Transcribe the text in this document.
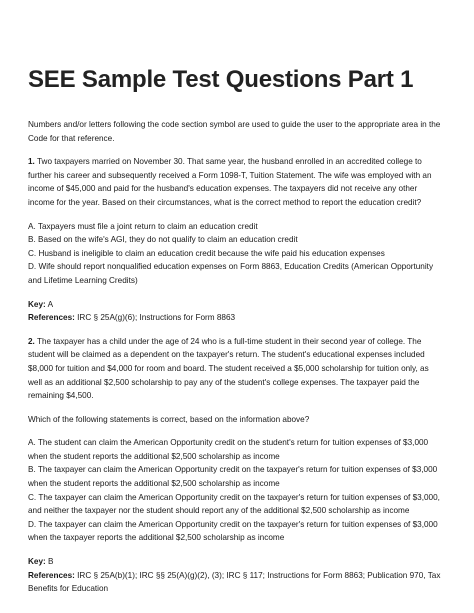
SEE Sample Test Questions Part 1

Numbers and/or letters following the code section symbol are used to guide the user to the appropriate area in the Code for that reference.

1. Two taxpayers married on November 30. That same year, the husband enrolled in an accredited college to further his career and subsequently received a Form 1098-T, Tuition Statement. The wife was employed with an income of $45,000 and paid for the husband's education expenses. The taxpayers did not receive any other income for the year. Based on their circumstances, what is the correct method to report the education credit?

A. Taxpayers must file a joint return to claim an education credit
B. Based on the wife's AGI, they do not qualify to claim an education credit
C. Husband is ineligible to claim an education credit because the wife paid his education expenses
D. Wife should report nonqualified education expenses on Form 8863, Education Credits (American Opportunity and Lifetime Learning Credits)
Key: A
References: IRC § 25A(g)(6); Instructions for Form 8863

2. The taxpayer has a child under the age of 24 who is a full-time student in their second year of college. The student will be claimed as a dependent on the taxpayer's return. The student's educational expenses included $8,000 for tuition and $4,000 for room and board. The student received a $5,000 scholarship for tuition only, as well as an additional $2,500 scholarship to pay any of the student's college expenses. The taxpayer paid the remaining $4,500.

Which of the following statements is correct, based on the information above?

A. The student can claim the American Opportunity credit on the student's return for tuition expenses of $3,000 when the student reports the additional $2,500 scholarship as income
B. The taxpayer can claim the American Opportunity credit on the taxpayer's return for tuition expenses of $3,000 when the student reports the additional $2,500 scholarship as income
C. The taxpayer can claim the American Opportunity credit on the taxpayer's return for tuition expenses of $3,000, and neither the taxpayer nor the student should report any of the additional $2,500 scholarship as income
D. The taxpayer can claim the American Opportunity credit on the taxpayer's return for tuition expenses of $3,000 when the taxpayer reports the additional $2,500 scholarship as income
Key: B
References: IRC § 25A(b)(1); IRC §§ 25(A)(g)(2), (3); IRC § 117; Instructions for Form 8863; Publication 970, Tax Benefits for Education
